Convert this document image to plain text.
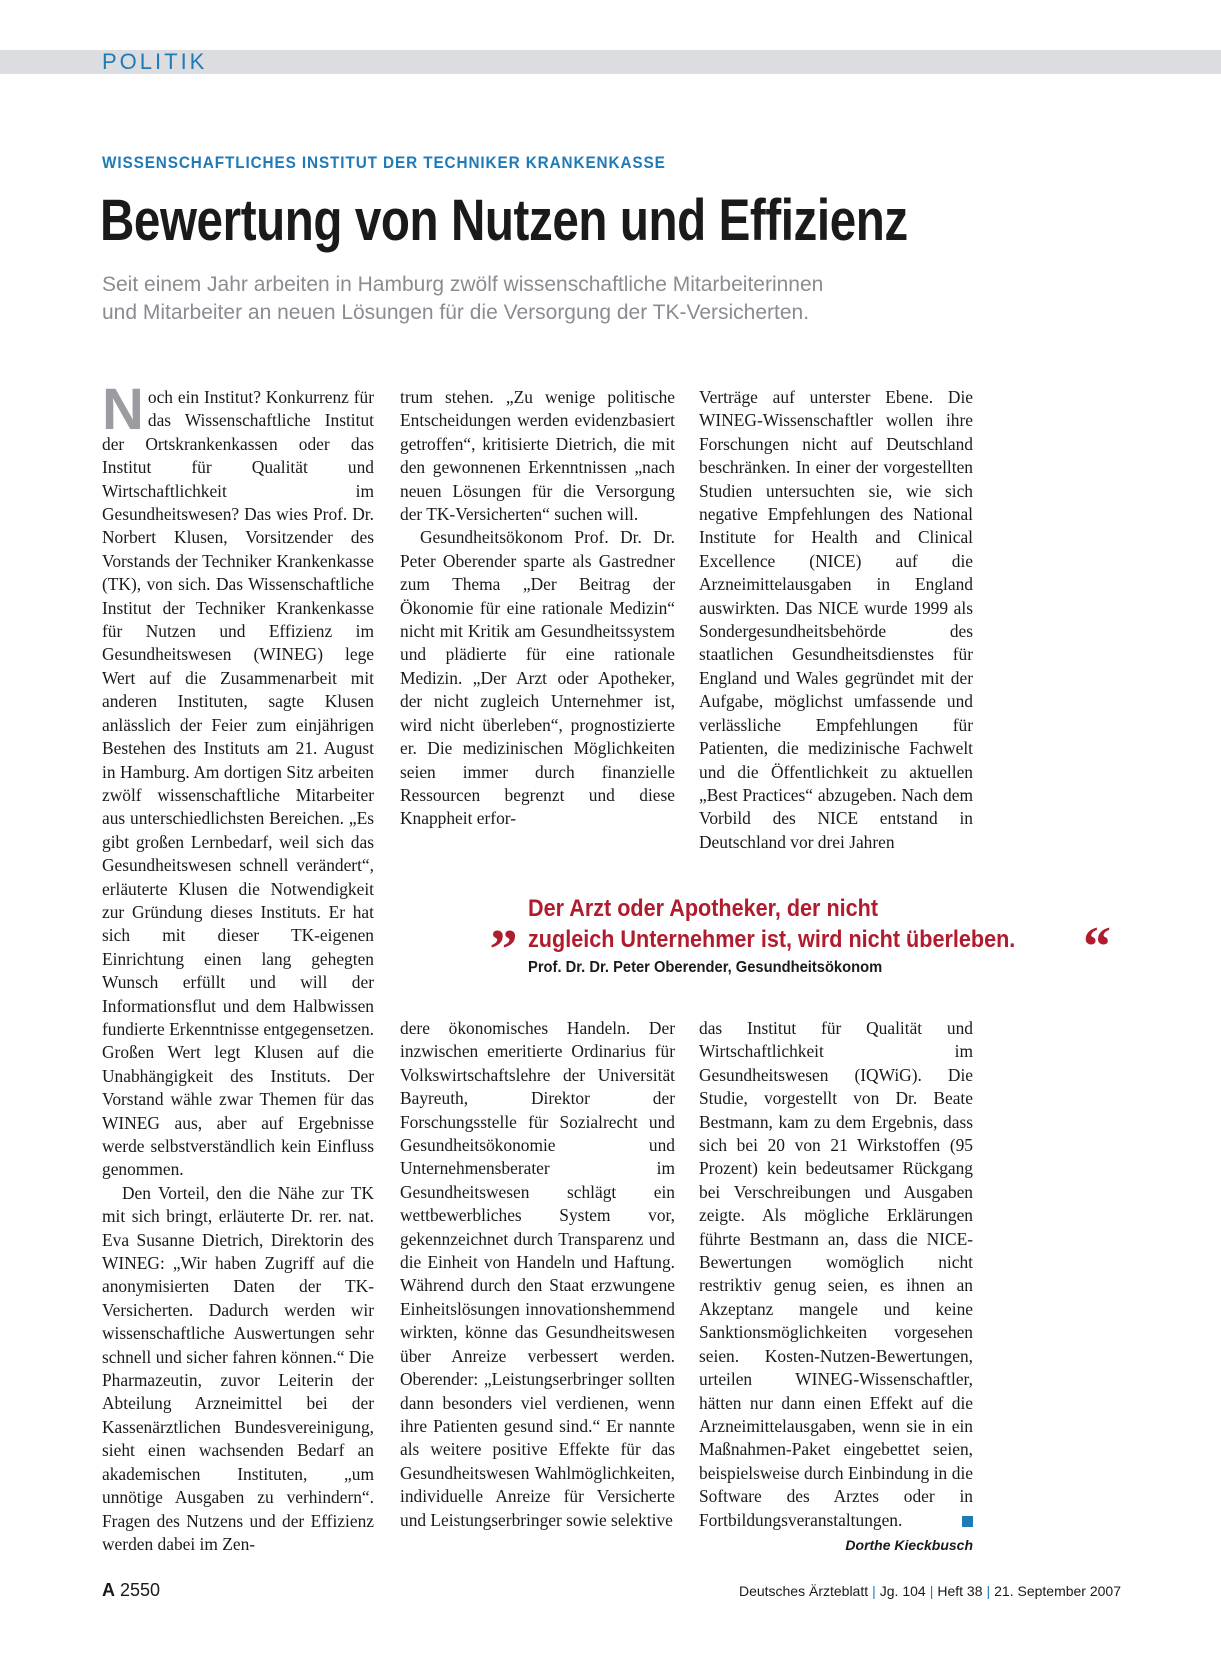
POLITIK
WISSENSCHAFTLICHES INSTITUT DER TECHNIKER KRANKENKASSE
Bewertung von Nutzen und Effizienz
Seit einem Jahr arbeiten in Hamburg zwölf wissenschaftliche Mitarbeiterinnen
und Mitarbeiter an neuen Lösungen für die Versorgung der TK-Versicherten.

Noch ein Institut? Konkurrenz für das Wissenschaftliche Institut der Ortskrankenkassen oder das Institut für Qualität und Wirtschaftlichkeit im Gesundheitswesen? Das wies Prof. Dr. Norbert Klusen, Vorsitzender des Vorstands der Techniker Krankenkasse (TK), von sich. Das Wissenschaftliche Institut der Techniker Krankenkasse für Nutzen und Effizienz im Gesundheitswesen (WINEG) lege Wert auf die Zusammenarbeit mit anderen Instituten, sagte Klusen anlässlich der Feier zum einjährigen Bestehen des Instituts am 21. August in Hamburg. Am dortigen Sitz arbeiten zwölf wissenschaftliche Mitarbeiter aus unterschiedlichsten Bereichen. „Es gibt großen Lernbedarf, weil sich das Gesundheitswesen schnell verändert“, erläuterte Klusen die Notwendigkeit zur Gründung dieses Instituts. Er hat sich mit dieser TK-eigenen Einrichtung einen lang gehegten Wunsch erfüllt und will der Informationsflut und dem Halbwissen fundierte Erkenntnisse entgegensetzen. Großen Wert legt Klusen auf die Unabhängigkeit des Instituts. Der Vorstand wähle zwar Themen für das WINEG aus, aber auf Ergebnisse werde selbstverständlich kein Einfluss genommen.

Den Vorteil, den die Nähe zur TK mit sich bringt, erläuterte Dr. rer. nat. Eva Susanne Dietrich, Direktorin des WINEG: „Wir haben Zugriff auf die anonymisierten Daten der TK-Versicherten. Dadurch werden wir wissenschaftliche Auswertungen sehr schnell und sicher fahren können.“ Die Pharmazeutin, zuvor Leiterin der Abteilung Arzneimittel bei der Kassenärztlichen Bundesvereinigung, sieht einen wachsenden Bedarf an akademischen Instituten, „um unnötige Ausgaben zu verhindern“. Fragen des Nutzens und der Effizienz werden dabei im Zen-

trum stehen. „Zu wenige politische Entscheidungen werden evidenzbasiert getroffen“, kritisierte Dietrich, die mit den gewonnenen Erkenntnissen „nach neuen Lösungen für die Versorgung der TK-Versicherten“ suchen will.

Gesundheitsökonom Prof. Dr. Dr. Peter Oberender sparte als Gastredner zum Thema „Der Beitrag der Ökonomie für eine rationale Medizin“ nicht mit Kritik am Gesundheitssystem und plädierte für eine rationale Medizin. „Der Arzt oder Apotheker, der nicht zugleich Unternehmer ist, wird nicht überleben“, prognostizierte er. Die medizinischen Möglichkeiten seien immer durch finanzielle Ressourcen begrenzt und diese Knappheit erfor-

Verträge auf unterster Ebene. Die WINEG-Wissenschaftler wollen ihre Forschungen nicht auf Deutschland beschränken. In einer der vorgestellten Studien untersuchten sie, wie sich negative Empfehlungen des National Institute for Health and Clinical Excellence (NICE) auf die Arzneimittelausgaben in England auswirkten. Das NICE wurde 1999 als Sondergesundheitsbehörde des staatlichen Gesundheitsdienstes für England und Wales gegründet mit der Aufgabe, möglichst umfassende und verlässliche Empfehlungen für Patienten, die medizinische Fachwelt und die Öffentlichkeit zu aktuellen „Best Practices“ abzugeben. Nach dem Vorbild des NICE entstand in Deutschland vor drei Jahren

„ Der Arzt oder Apotheker, der nicht
zugleich Unternehmer ist, wird nicht überleben.	“
Prof. Dr. Dr. Peter Oberender, Gesundheitsökonom

dere ökonomisches Handeln. Der inzwischen emeritierte Ordinarius für Volkswirtschaftslehre der Universität Bayreuth, Direktor der Forschungsstelle für Sozialrecht und Gesundheitsökonomie und Unternehmensberater im Gesundheitswesen schlägt ein wettbewerbliches System vor, gekennzeichnet durch Transparenz und die Einheit von Handeln und Haftung. Während durch den Staat erzwungene Einheitslösungen innovationshemmend wirkten, könne das Gesundheitswesen über Anreize verbessert werden. Oberender: „Leistungserbringer sollten dann besonders viel verdienen, wenn ihre Patienten gesund sind.“ Er nannte als weitere positive Effekte für das Gesundheitswesen Wahlmöglichkeiten, individuelle Anreize für Versicherte und Leistungserbringer sowie selektive

das Institut für Qualität und Wirtschaftlichkeit im Gesundheitswesen (IQWiG). Die Studie, vorgestellt von Dr. Beate Bestmann, kam zu dem Ergebnis, dass sich bei 20 von 21 Wirkstoffen (95 Prozent) kein bedeutsamer Rückgang bei Verschreibungen und Ausgaben zeigte. Als mögliche Erklärungen führte Bestmann an, dass die NICE-Bewertungen womöglich nicht restriktiv genug seien, es ihnen an Akzeptanz mangele und keine Sanktionsmöglichkeiten vorgesehen seien. Kosten-Nutzen-Bewertungen, urteilen WINEG-Wissenschaftler, hätten nur dann einen Effekt auf die Arzneimittelausgaben, wenn sie in ein Maßnahmen-Paket eingebettet seien, beispielsweise durch Einbindung in die Software des Arztes oder in Fortbildungsveranstaltungen.

Dorthe Kieckbusch
A 2550	Deutsches Ärzteblatt | Jg. 104 | Heft 38 | 21. September 2007
